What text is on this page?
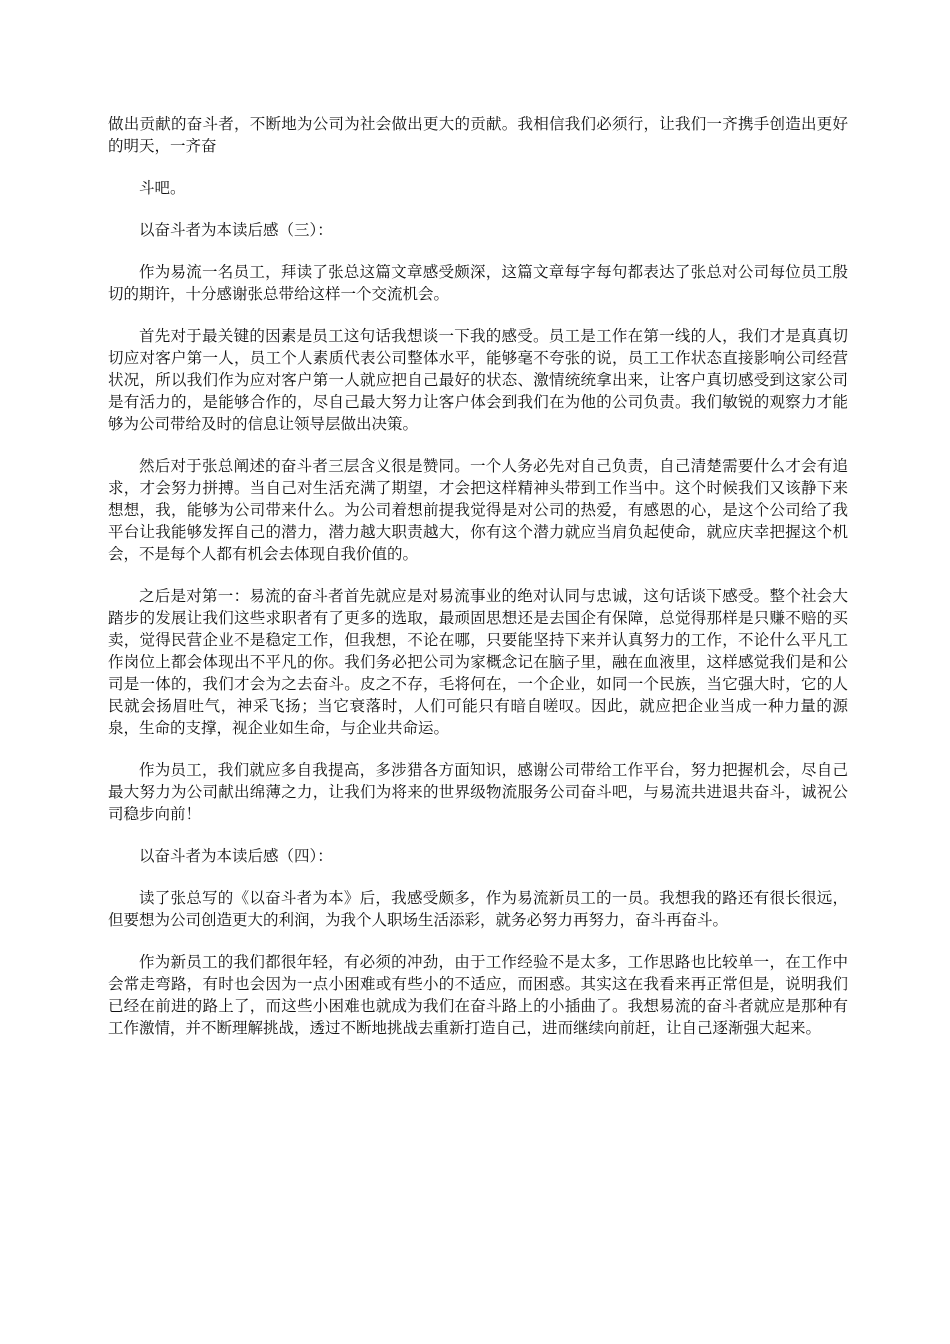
做出贡献的奋斗者，不断地为公司为社会做出更大的贡献。我相信我们必须行，让我们一齐携手创造出更好的明天，一齐奋

斗吧。

以奋斗者为本读后感（三）：

作为易流一名员工，拜读了张总这篇文章感受颇深，这篇文章每字每句都表达了张总对公司每位员工殷切的期许，十分感谢张总带给这样一个交流机会。

首先对于最关键的因素是员工这句话我想谈一下我的感受。员工是工作在第一线的人，我们才是真真切切应对客户第一人，员工个人素质代表公司整体水平，能够毫不夸张的说，员工工作状态直接影响公司经营状况，所以我们作为应对客户第一人就应把自己最好的状态、激情统统拿出来，让客户真切感受到这家公司是有活力的，是能够合作的，尽自己最大努力让客户体会到我们在为他的公司负责。我们敏锐的观察力才能够为公司带给及时的信息让领导层做出决策。

然后对于张总阐述的奋斗者三层含义很是赞同。一个人务必先对自己负责，自己清楚需要什么才会有追求，才会努力拼搏。当自己对生活充满了期望，才会把这样精神头带到工作当中。这个时候我们又该静下来想想，我，能够为公司带来什么。为公司着想前提我觉得是对公司的热爱，有感恩的心，是这个公司给了我平台让我能够发挥自己的潜力，潜力越大职责越大，你有这个潜力就应当肩负起使命，就应庆幸把握这个机会，不是每个人都有机会去体现自我价值的。

之后是对第一：易流的奋斗者首先就应是对易流事业的绝对认同与忠诚，这句话谈下感受。整个社会大踏步的发展让我们这些求职者有了更多的选取，最顽固思想还是去国企有保障，总觉得那样是只赚不赔的买卖，觉得民营企业不是稳定工作，但我想，不论在哪，只要能坚持下来并认真努力的工作，不论什么平凡工作岗位上都会体现出不平凡的你。我们务必把公司为家概念记在脑子里，融在血液里，这样感觉我们是和公司是一体的，我们才会为之去奋斗。皮之不存，毛将何在，一个企业，如同一个民族，当它强大时，它的人民就会扬眉吐气，神采飞扬；当它衰落时，人们可能只有暗自嗟叹。因此，就应把企业当成一种力量的源泉，生命的支撑，视企业如生命，与企业共命运。

作为员工，我们就应多自我提高，多涉猎各方面知识，感谢公司带给工作平台，努力把握机会，尽自己最大努力为公司献出绵薄之力，让我们为将来的世界级物流服务公司奋斗吧，与易流共进退共奋斗，诚祝公司稳步向前！

以奋斗者为本读后感（四）：

读了张总写的《以奋斗者为本》后，我感受颇多，作为易流新员工的一员。我想我的路还有很长很远，但要想为公司创造更大的利润，为我个人职场生活添彩，就务必努力再努力，奋斗再奋斗。

作为新员工的我们都很年轻，有必须的冲劲，由于工作经验不是太多，工作思路也比较单一，在工作中会常走弯路，有时也会因为一点小困难或有些小的不适应，而困惑。其实这在我看来再正常但是，说明我们已经在前进的路上了，而这些小困难也就成为我们在奋斗路上的小插曲了。我想易流的奋斗者就应是那种有工作激情，并不断理解挑战，透过不断地挑战去重新打造自己，进而继续向前赶，让自己逐渐强大起来。
